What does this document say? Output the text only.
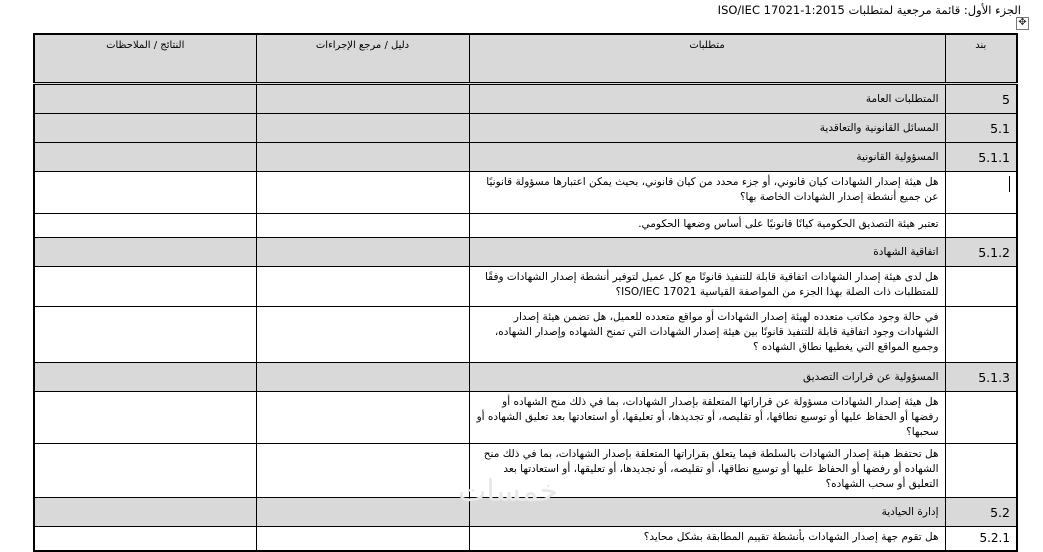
الجزء الأول: قائمة مرجعية لمتطلبات ISO/IEC 17021-1:2015
✥
بند	متطلبات	دليل / مرجع الإجراءات	النتائج / الملاحظات

5	المتطلبات العامة		
5.1	المسائل القانونية والتعاقدية		
5.1.1	المسؤولية القانونية		
	هل هيئة إصدار الشهادات كيان قانوني، أو جزء محدد من كيان قانوني، بحيث يمكن اعتبارها مسؤولة قانونيًا عن جميع أنشطة إصدار الشهادات الخاصة بها؟		
	تعتبر هيئة التصديق الحكومية كيانًا قانونيًا على أساس وضعها الحكومي.		
5.1.2	اتفاقية الشهادة		
	هل لدى هيئة إصدار الشهادات اتفاقية قابلة للتنفيذ قانونًا مع كل عميل لتوفير أنشطة إصدار الشهادات وفقًا للمتطلبات ذات الصلة بهذا الجزء من المواصفة القياسية ISO/IEC 17021؟		
	في حالة وجود مكاتب متعدده لهيئة إصدار الشهادات أو مواقع متعدده للعميل، هل تضمن هيئة إصدار الشهادات وجود اتفاقية قابلة للتنفيذ قانونًا بين هيئة إصدار الشهادات التي تمنح الشهاده وإصدار الشهاده، وجميع المواقع التي يغطيها نطاق الشهاده ؟		
5.1.3	المسؤولية عن قرارات التصديق		
	هل هيئة إصدار الشهادات مسؤولة عن قراراتها المتعلقة بإصدار الشهادات، بما في ذلك منح الشهاده أو رفضها أو الحفاظ عليها أو توسيع نطاقها، أو تقليصه، أو تجديدها، أو تعليقها، أو استعادتها بعد تعليق الشهاده أو سحبها؟		
	هل تحتفظ هيئة إصدار الشهادات بالسلطة فيما يتعلق بقراراتها المتعلقة بإصدار الشهادات، بما في ذلك منح الشهاده أو رفضها أو الحفاظ عليها أو توسيع نطاقها، أو تقليصه، أو تجديدها، أو تعليقها، أو استعادتها بعد التعليق أو سحب الشهاده؟		
5.2	إدارة الحيادية		
5.2.1	هل تقوم جهة إصدار الشهادات بأنشطة تقييم المطابقة بشكل محايد؟		
خمسات
